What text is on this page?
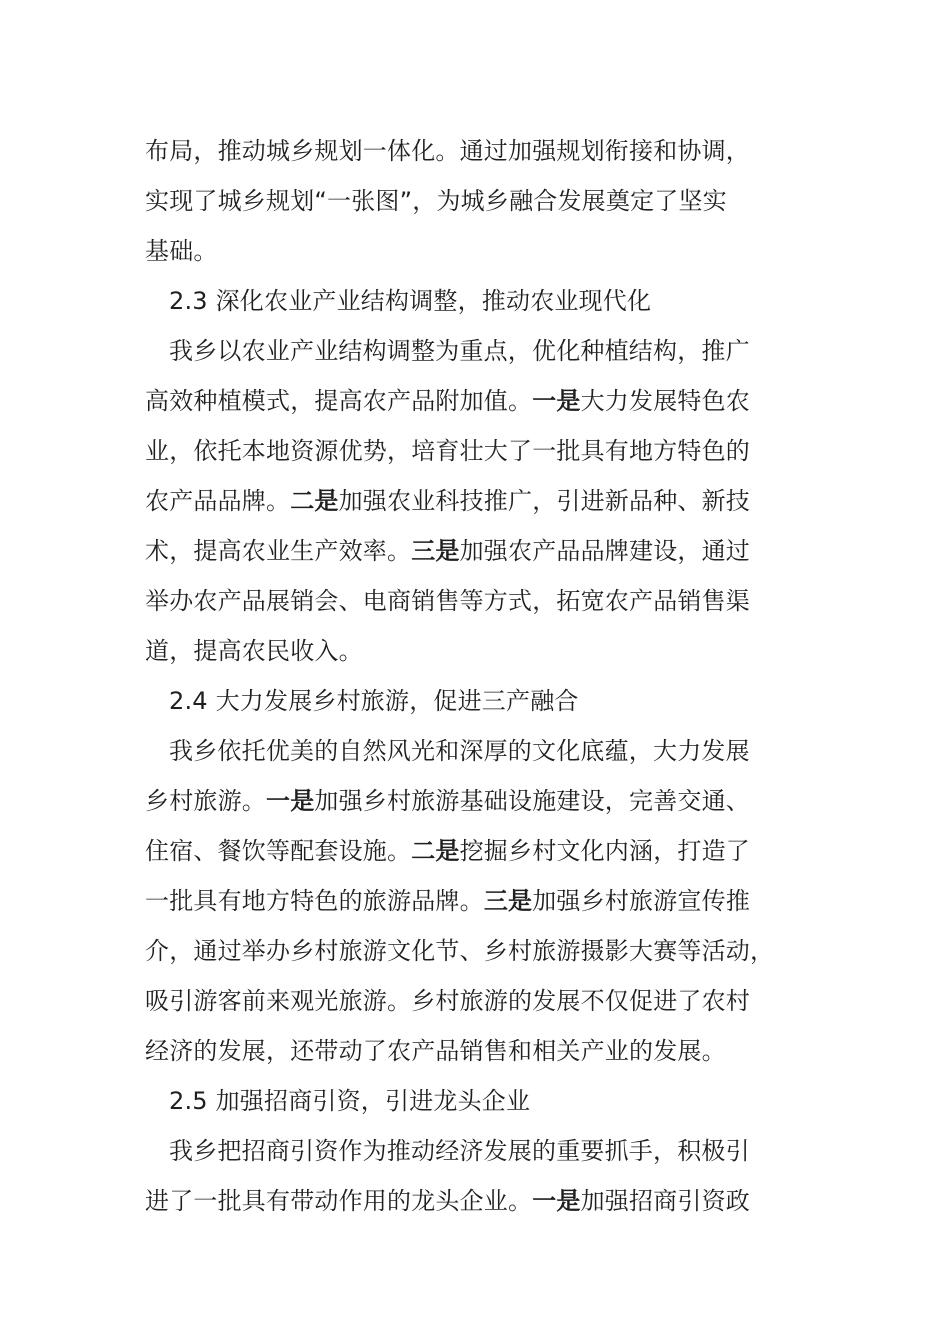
布局，推动城乡规划一体化。通过加强规划衔接和协调，
实现了城乡规划“一张图”，为城乡融合发展奠定了坚实
基础。
2.3 深化农业产业结构调整，推动农业现代化
我乡以农业产业结构调整为重点，优化种植结构，推广
高效种植模式，提高农产品附加值。一是大力发展特色农
业，依托本地资源优势，培育壮大了一批具有地方特色的
农产品品牌。二是加强农业科技推广，引进新品种、新技
术，提高农业生产效率。三是加强农产品品牌建设，通过
举办农产品展销会、电商销售等方式，拓宽农产品销售渠
道，提高农民收入。
2.4 大力发展乡村旅游，促进三产融合
我乡依托优美的自然风光和深厚的文化底蕴，大力发展
乡村旅游。一是加强乡村旅游基础设施建设，完善交通、
住宿、餐饮等配套设施。二是挖掘乡村文化内涵，打造了
一批具有地方特色的旅游品牌。三是加强乡村旅游宣传推
介，通过举办乡村旅游文化节、乡村旅游摄影大赛等活动，
吸引游客前来观光旅游。乡村旅游的发展不仅促进了农村
经济的发展，还带动了农产品销售和相关产业的发展。
2.5 加强招商引资，引进龙头企业
我乡把招商引资作为推动经济发展的重要抓手，积极引
进了一批具有带动作用的龙头企业。一是加强招商引资政
